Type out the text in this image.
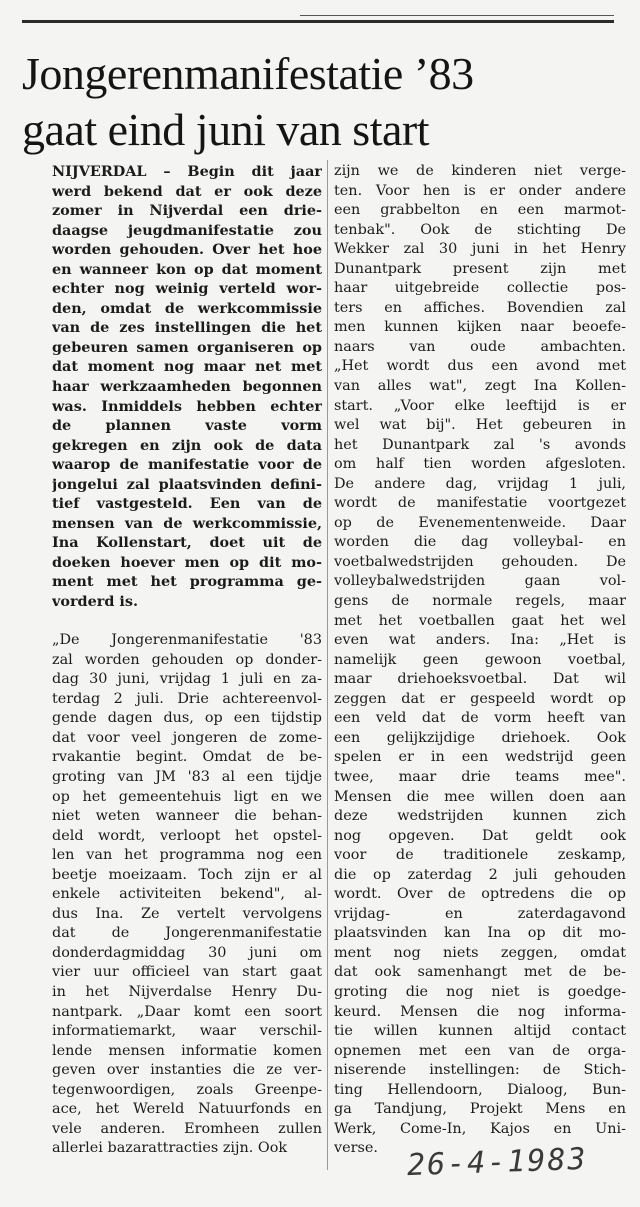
Jongerenmanifestatie ’83
gaat eind juni van start
NIJVERDAL – Begin dit jaar
werd bekend dat er ook deze
zomer in Nijverdal een drie-
daagse jeugdmanifestatie zou
worden gehouden. Over het hoe
en wanneer kon op dat moment
echter nog weinig verteld wor-
den, omdat de werkcommissie
van de zes instellingen die het
gebeuren samen organiseren op
dat moment nog maar net met
haar werkzaamheden begonnen
was. Inmiddels hebben echter
de plannen vaste vorm
gekregen en zijn ook de data
waarop de manifestatie voor de
jongelui zal plaatsvinden defini-
tief vastgesteld. Een van de
mensen van de werkcommissie,
Ina Kollenstart, doet uit de
doeken hoever men op dit mo-
ment met het programma ge-
vorderd is.
„De Jongerenmanifestatie '83
zal worden gehouden op donder-
dag 30 juni, vrijdag 1 juli en za-
terdag 2 juli. Drie achtereenvol-
gende dagen dus, op een tijdstip
dat voor veel jongeren de zome-
rvakantie begint. Omdat de be-
groting van JM '83 al een tijdje
op het gemeentehuis ligt en we
niet weten wanneer die behan-
deld wordt, verloopt het opstel-
len van het programma nog een
beetje moeizaam. Toch zijn er al
enkele activiteiten bekend", al-
dus Ina. Ze vertelt vervolgens
dat de Jongerenmanifestatie
donderdagmiddag 30 juni om
vier uur officieel van start gaat
in het Nijverdalse Henry Du-
nantpark. „Daar komt een soort
informatiemarkt, waar verschil-
lende mensen informatie komen
geven over instanties die ze ver-
tegenwoordigen, zoals Greenpe-
ace, het Wereld Natuurfonds en
vele anderen. Eromheen zullen
allerlei bazarattracties zijn. Ook
zijn we de kinderen niet verge-
ten. Voor hen is er onder andere
een grabbelton en een marmot-
tenbak". Ook de stichting De
Wekker zal 30 juni in het Henry
Dunantpark present zijn met
haar uitgebreide collectie pos-
ters en affiches. Bovendien zal
men kunnen kijken naar beoefe-
naars van oude ambachten.
„Het wordt dus een avond met
van alles wat", zegt Ina Kollen-
start. „Voor elke leeftijd is er
wel wat bij". Het gebeuren in
het Dunantpark zal 's avonds
om half tien worden afgesloten.
De andere dag, vrijdag 1 juli,
wordt de manifestatie voortgezet
op de Evenementenweide. Daar
worden die dag volleybal- en
voetbalwedstrijden gehouden. De
volleybalwedstrijden gaan vol-
gens de normale regels, maar
met het voetballen gaat het wel
even wat anders. Ina: „Het is
namelijk geen gewoon voetbal,
maar driehoeksvoetbal. Dat wil
zeggen dat er gespeeld wordt op
een veld dat de vorm heeft van
een gelijkzijdige driehoek. Ook
spelen er in een wedstrijd geen
twee, maar drie teams mee".
Mensen die mee willen doen aan
deze wedstrijden kunnen zich
nog opgeven. Dat geldt ook
voor de traditionele zeskamp,
die op zaterdag 2 juli gehouden
wordt. Over de optredens die op
vrijdag- en zaterdagavond
plaatsvinden kan Ina op dit mo-
ment nog niets zeggen, omdat
dat ook samenhangt met de be-
groting die nog niet is goedge-
keurd. Mensen die nog informa-
tie willen kunnen altijd contact
opnemen met een van de orga-
niserende instellingen: de Stich-
ting Hellendoorn, Dialoog, Bun-
ga Tandjung, Projekt Mens en
Werk, Come-In, Kajos en Uni-
verse. 26-4-1983
